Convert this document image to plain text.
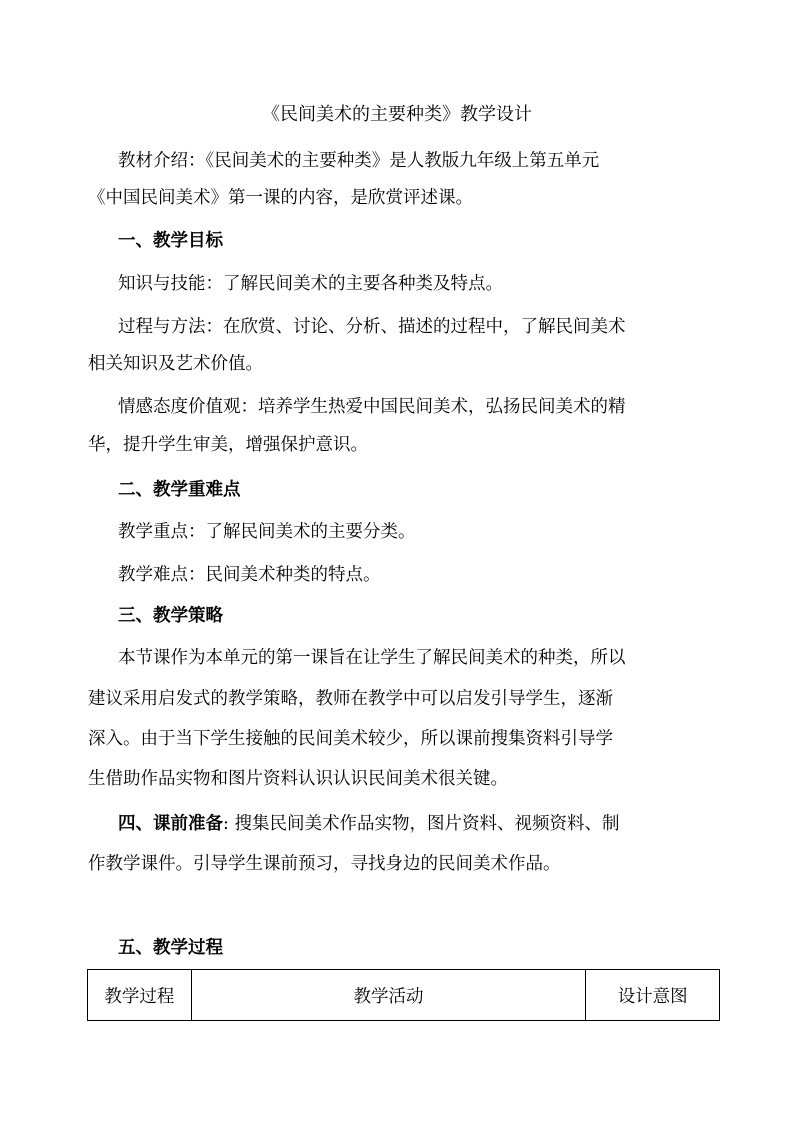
《民间美术的主要种类》教学设计
教材介绍：《民间美术的主要种类》是人教版九年级上第五单元
《中国民间美术》第一课的内容，是欣赏评述课。
一、教学目标
知识与技能：了解民间美术的主要各种类及特点。
过程与方法：在欣赏、讨论、分析、描述的过程中，了解民间美术
相关知识及艺术价值。
情感态度价值观：培养学生热爱中国民间美术，弘扬民间美术的精
华，提升学生审美，增强保护意识。
二、教学重难点
教学重点：了解民间美术的主要分类。
教学难点：民间美术种类的特点。
三、教学策略
本节课作为本单元的第一课旨在让学生了解民间美术的种类，所以
建议采用启发式的教学策略，教师在教学中可以启发引导学生，逐渐
深入。由于当下学生接触的民间美术较少，所以课前搜集资料引导学
生借助作品实物和图片资料认识认识民间美术很关键。
四、课前准备: 搜集民间美术作品实物，图片资料、视频资料、制
作教学课件。引导学生课前预习，寻找身边的民间美术作品。
五、教学过程
教学过程	教学活动	设计意图
